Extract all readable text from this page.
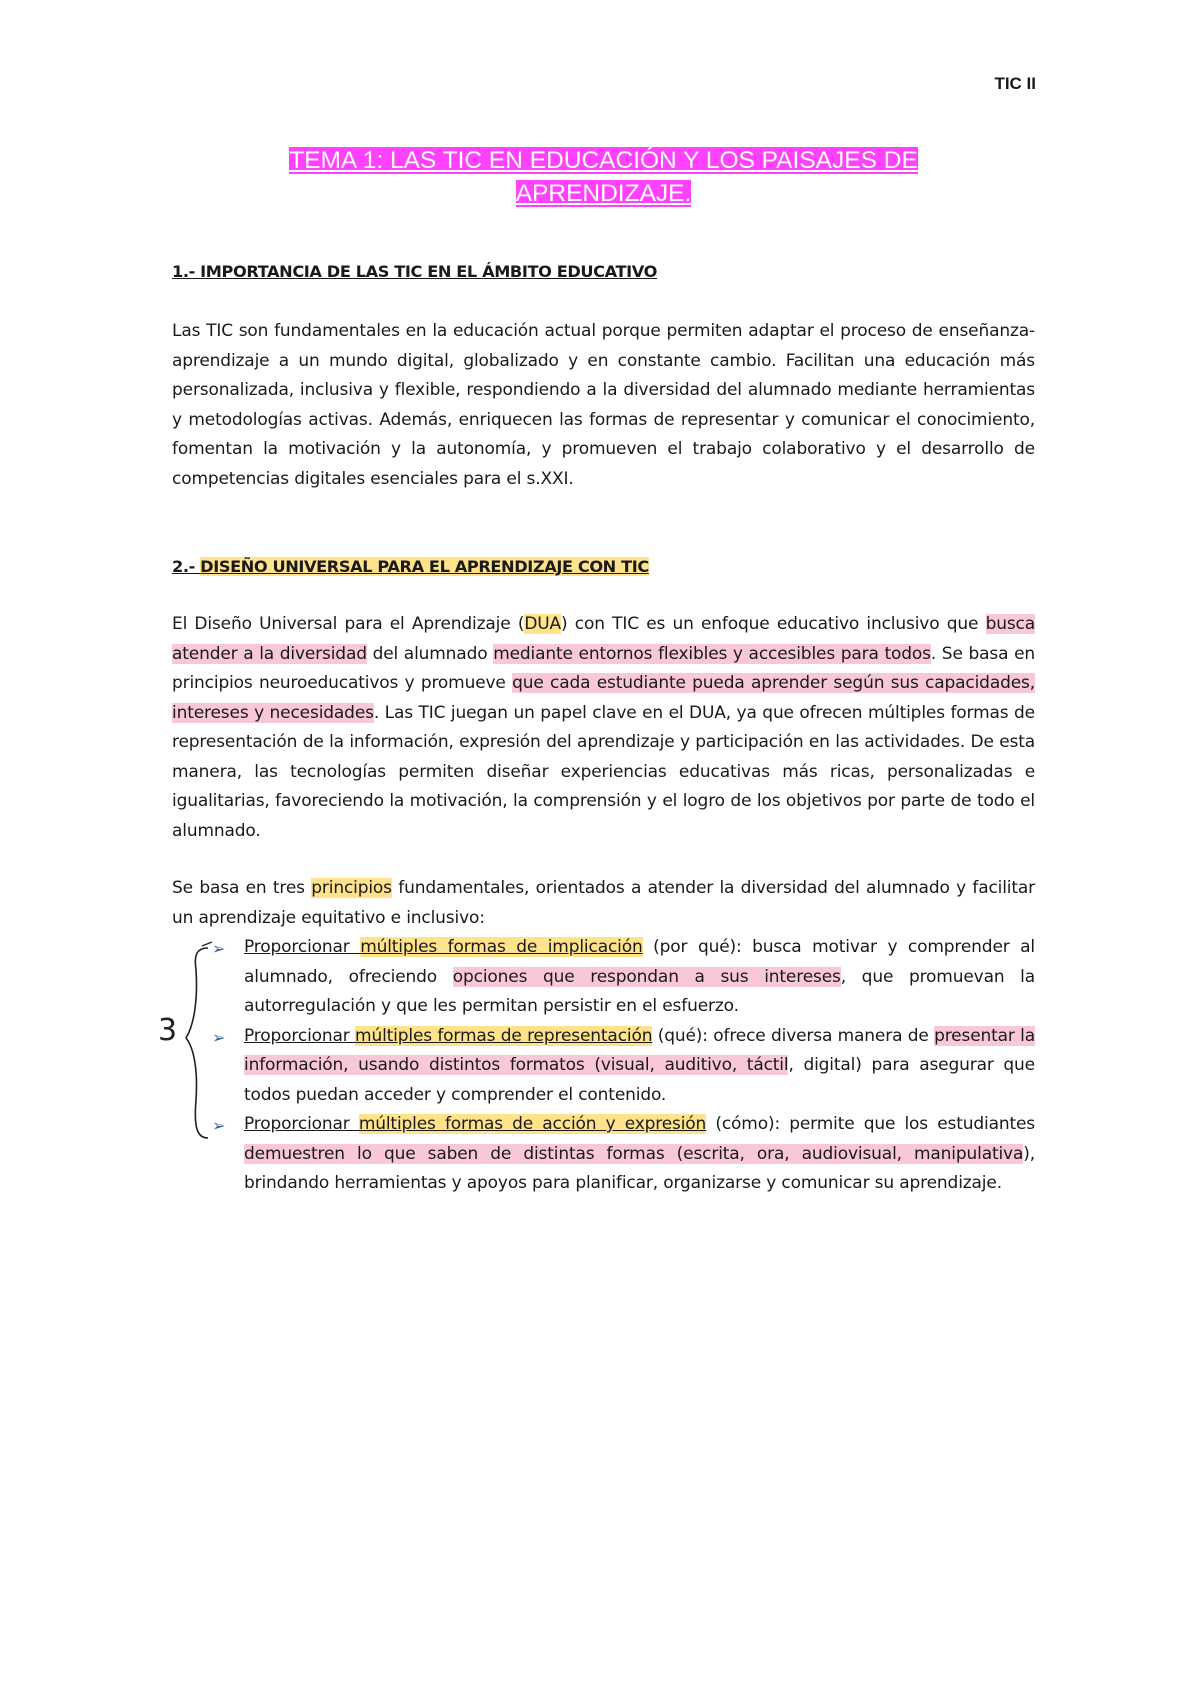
TIC II
TEMA 1: LAS TIC EN EDUCACIÓN Y LOS PAISAJES DE
APRENDIZAJE.
1.- IMPORTANCIA DE LAS TIC EN EL ÁMBITO EDUCATIVO
Las TIC son fundamentales en la educación actual porque permiten adaptar el proceso de enseñanza-aprendizaje a un mundo digital, globalizado y en constante cambio. Facilitan una educación más personalizada, inclusiva y flexible, respondiendo a la diversidad del alumnado mediante herramientas y metodologías activas. Además, enriquecen las formas de representar y comunicar el conocimiento, fomentan la motivación y la autonomía, y promueven el trabajo colaborativo y el desarrollo de competencias digitales esenciales para el s.XXI.
2.- DISEÑO UNIVERSAL PARA EL APRENDIZAJE CON TIC
El Diseño Universal para el Aprendizaje (DUA) con TIC es un enfoque educativo inclusivo que busca atender a la diversidad del alumnado mediante entornos flexibles y accesibles para todos. Se basa en principios neuroeducativos y promueve que cada estudiante pueda aprender según sus capacidades, intereses y necesidades. Las TIC juegan un papel clave en el DUA, ya que ofrecen múltiples formas de representación de la información, expresión del aprendizaje y participación en las actividades. De esta manera, las tecnologías permiten diseñar experiencias educativas más ricas, personalizadas e igualitarias, favoreciendo la motivación, la comprensión y el logro de los objetivos por parte de todo el alumnado.
Se basa en tres principios fundamentales, orientados a atender la diversidad del alumnado y facilitar un aprendizaje equitativo e inclusivo:
➢ Proporcionar múltiples formas de implicación (por qué): busca motivar y comprender al alumnado, ofreciendo opciones que respondan a sus intereses, que promuevan la autorregulación y que les permitan persistir en el esfuerzo.
➢ Proporcionar múltiples formas de representación (qué): ofrece diversa manera de presentar la información, usando distintos formatos (visual, auditivo, táctil, digital) para asegurar que todos puedan acceder y comprender el contenido.
➢ Proporcionar múltiples formas de acción y expresión (cómo): permite que los estudiantes demuestren lo que saben de distintas formas (escrita, ora, audiovisual, manipulativa), brindando herramientas y apoyos para planificar, organizarse y comunicar su aprendizaje.
3
